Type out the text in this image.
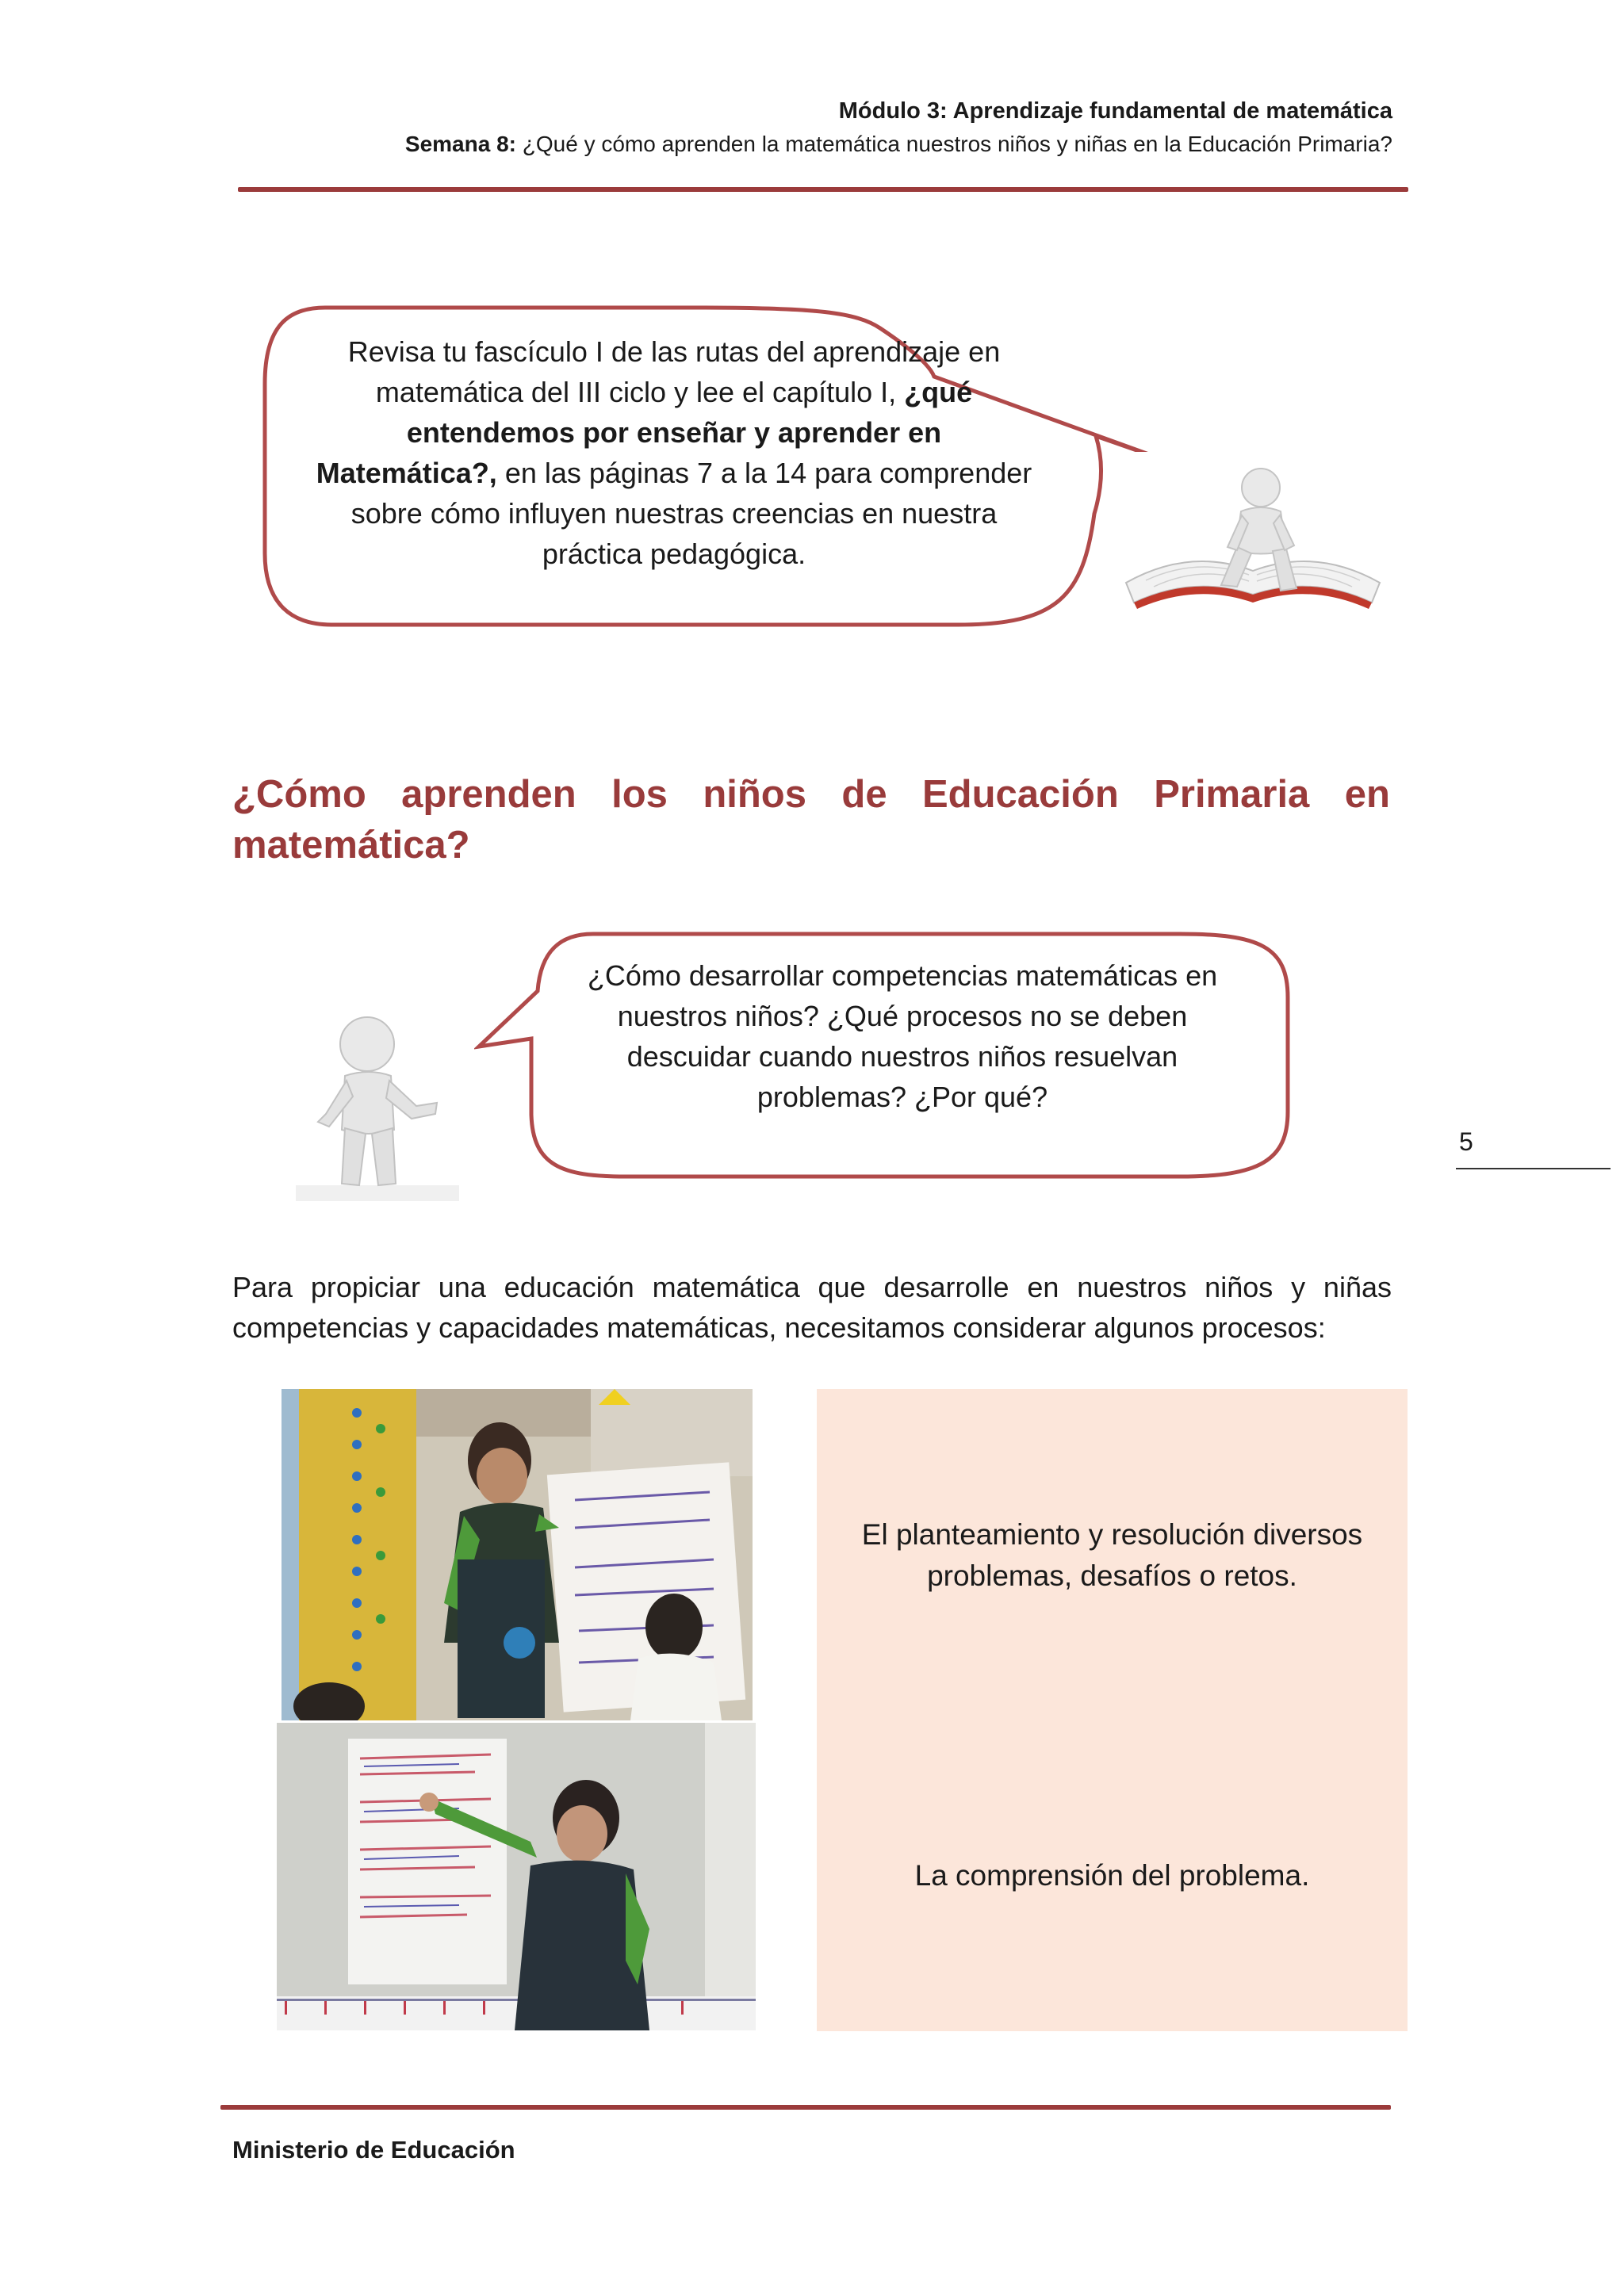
Módulo 3: Aprendizaje fundamental de matemática
Semana 8: ¿Qué y cómo aprenden la matemática nuestros niños y niñas en la Educación Primaria?
Revisa tu fascículo I de las rutas del aprendizaje en matemática del III ciclo y lee el capítulo I, ¿qué entendemos por enseñar y aprender en Matemática?, en las páginas 7 a la 14 para comprender sobre cómo influyen nuestras creencias en nuestra práctica pedagógica.
¿Cómo aprenden los niños de Educación Primaria en
matemática?
¿Cómo desarrollar competencias matemáticas en nuestros niños? ¿Qué procesos no se deben descuidar cuando nuestros niños resuelvan problemas? ¿Por qué?
5
Para propiciar una educación matemática que desarrolle en nuestros niños y niñas
competencias y capacidades matemáticas, necesitamos considerar algunos procesos:
El planteamiento y resolución diversos problemas, desafíos o retos.
La comprensión del problema.
Ministerio de Educación
